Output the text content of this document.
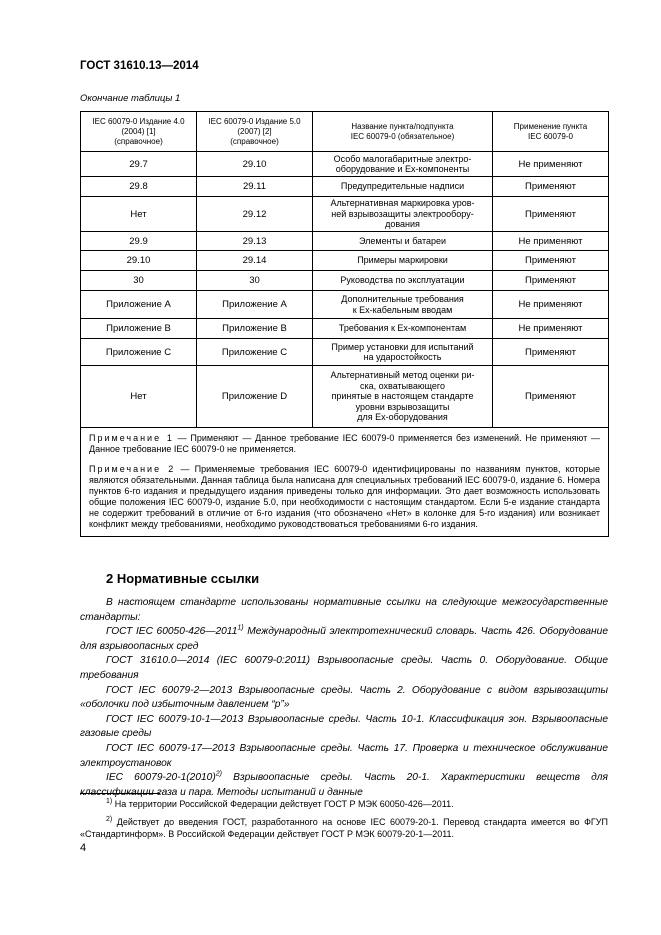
ГОСТ 31610.13—2014
Окончание таблицы 1
IEC 60079-0 Издание 4.0
(2004) [1]
(справочное)	IEC 60079-0 Издание 5.0
(2007) [2]
(справочное)	Название пункта/подпункта
IEC 60079-0 (обязательное)	Применение пункта
IEC 60079-0
29.7	29.10	Особо малогабаритные электро-
оборудование и Ex-компоненты	Не применяют
29.8	29.11	Предупредительные надписи	Применяют
Нет	29.12	Альтернативная маркировка уров-
ней взрывозащиты электрообору-
дования	Применяют
29.9	29.13	Элементы и батареи	Не применяют
29.10	29.14	Примеры маркировки	Применяют
30	30	Руководства по эксплуатации	Применяют
Приложение А	Приложение А	Дополнительные требования
к Ex-кабельным вводам	Не применяют
Приложение В	Приложение В	Требования к Ex-компонентам	Не применяют
Приложение С	Приложение С	Пример установки для испытаний
на ударостойкость	Применяют
Нет	Приложение D	Альтернативный метод оценки ри-
ска, охватывающего
принятые в настоящем стандарте
уровни взрывозащиты
для Ex-оборудования	Применяют

Примечание 1 — Применяют — Данное требование IEC 60079-0 применяется без изменений. Не применяют — Данное требование IEC 60079-0 не применяется.

Примечание 2 — Применяемые требования IEC 60079-0 идентифицированы по названиям пунктов, которые являются обязательными. Данная таблица была написана для специальных требований IEC 60079-0, издание 6. Номера пунктов 6-го издания и предыдущего издания приведены только для информации. Это дает возможность использовать общие положения IEC 60079-0, издание 5.0, при необходимости с настоящим стандартом. Если 5-е издание стандарта не содержит требований в отличие от 6-го издания (что обозначено «Нет» в колонке для 5-го издания) или возникает конфликт между требованиями, необходимо руководствоваться требованиями 6-го издания.			

2 Нормативные ссылки

В настоящем стандарте использованы нормативные ссылки на следующие межгосударственные стандарты:

ГОСТ IEC 60050-426—2011$^{1)}$ Международный электротехнический словарь. Часть 426. Оборудование для взрывоопасных сред

ГОСТ 31610.0—2014 (IEC 60079-0:2011) Взрывоопасные среды. Часть 0. Оборудование. Общие требования

ГОСТ IEC 60079-2—2013 Взрывоопасные среды. Часть 2. Оборудование с видом взрывозащиты «оболочки под избыточным давлением “р”»

ГОСТ IEC 60079-10-1—2013 Взрывоопасные среды. Часть 10-1. Классификация зон. Взрывоопасные газовые среды

ГОСТ IEC 60079-17—2013 Взрывоопасные среды. Часть 17. Проверка и техническое обслуживание электроустановок

IEC $60079-20-1(2010)^{2)}$ Взрывоопасные среды. Часть 20-1. Характеристики веществ для классификации газа и пара. Методы испытаний и данные

$^{1)}$ На территории Российской Федерации действует ГОСТ Р МЭК 60050-426—2011.
$^{2)}$ Действует до введения ГОСТ, разработанного на основе IEC 60079-20-1. Перевод стандарта имеется во ФГУП «Стандартинформ». В Российской Федерации действует ГОСТ Р МЭК 60079-20-1—2011.
4
